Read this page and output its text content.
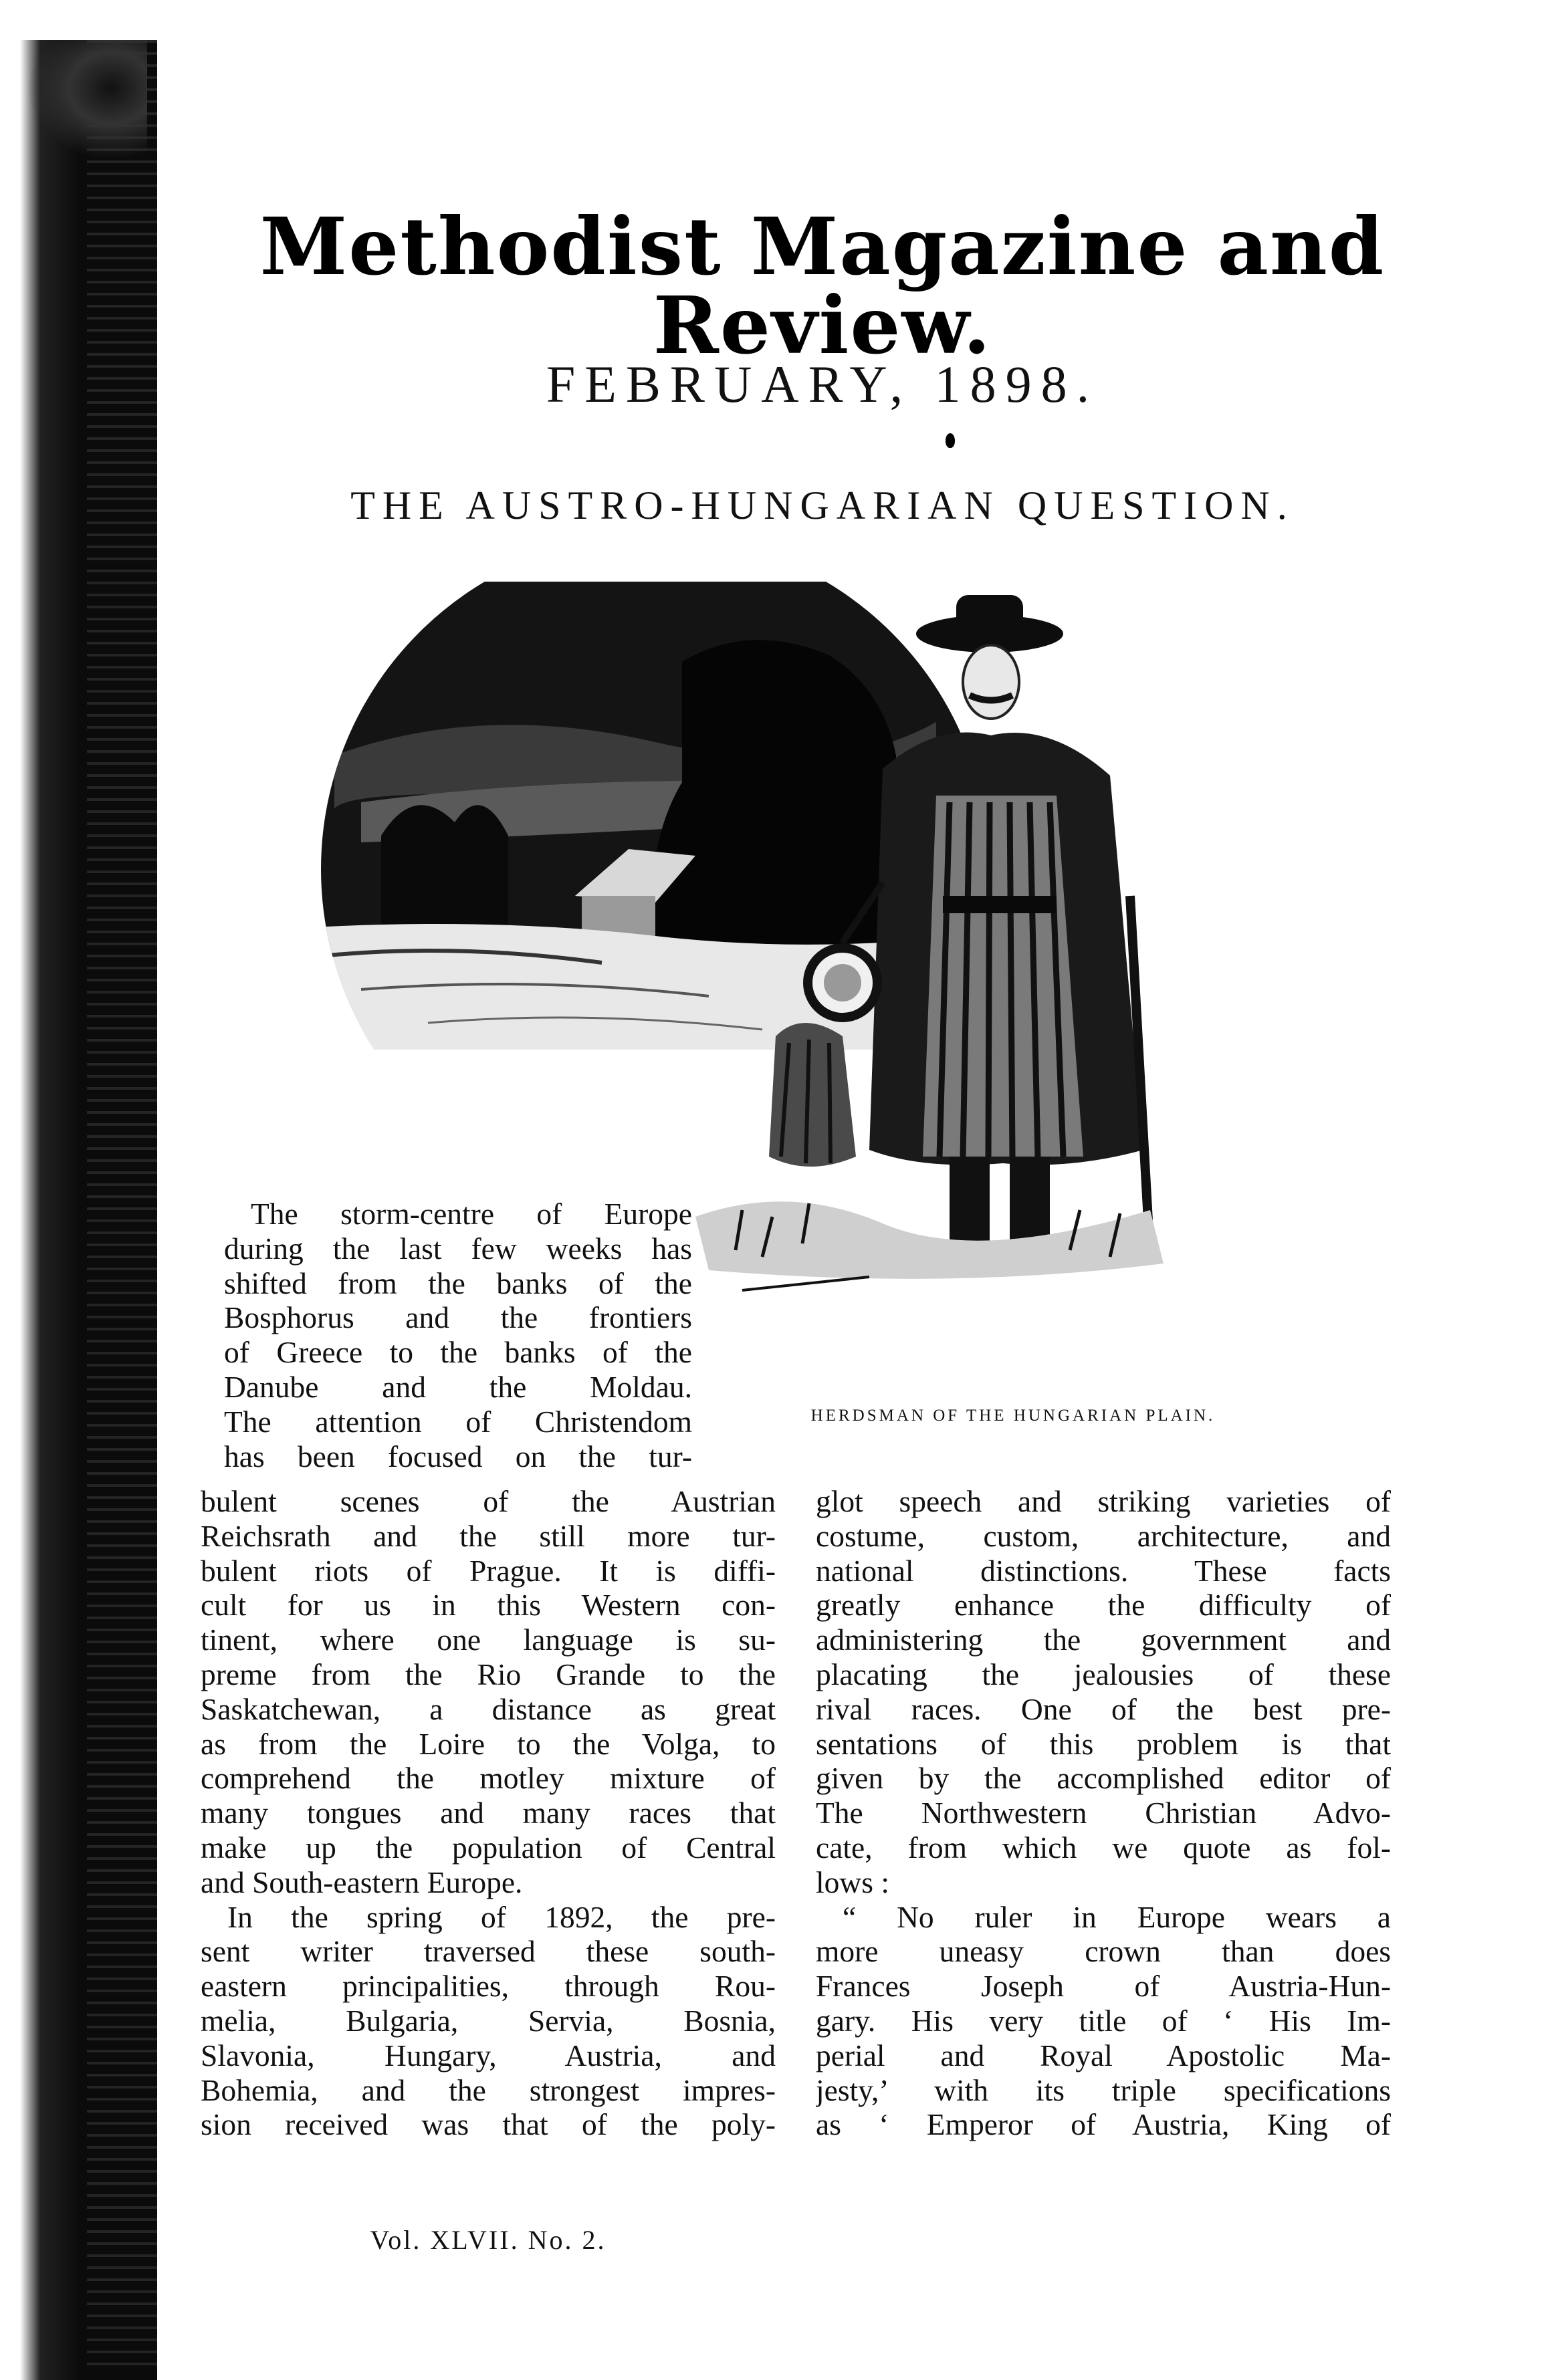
Methodist Magazine and Review.
FEBRUARY, 1898.
THE AUSTRO-HUNGARIAN QUESTION.
HERDSMAN OF THE HUNGARIAN PLAIN.
The storm-centre of Europe
during the last few weeks has
shifted from the banks of the
Bosphorus and the frontiers
of Greece to the banks of the
Danube and the Moldau.
The attention of Christendom
has been focused on the tur-
bulent scenes of the Austrian
Reichsrath and the still more tur-
bulent riots of Prague. It is diffi-
cult for us in this Western con-
tinent, where one language is su-
preme from the Rio Grande to the
Saskatchewan, a distance as great
as from the Loire to the Volga, to
comprehend the motley mixture of
many tongues and many races that
make up the population of Central
and South-eastern Europe.
In the spring of 1892, the pre-
sent writer traversed these south-
eastern principalities, through Rou-
melia, Bulgaria, Servia, Bosnia,
Slavonia, Hungary, Austria, and
Bohemia, and the strongest impres-
sion received was that of the poly-
glot speech and striking varieties of
costume, custom, architecture, and
national distinctions. These facts
greatly enhance the difficulty of
administering the government and
placating the jealousies of these
rival races. One of the best pre-
sentations of this problem is that
given by the accomplished editor of
The Northwestern Christian Advo-
cate, from which we quote as fol-
lows :
“ No ruler in Europe wears a
more uneasy crown than does
Frances Joseph of Austria-Hun-
gary. His very title of ‘ His Im-
perial and Royal Apostolic Ma-
jesty,’ with its triple specifications
as ‘ Emperor of Austria, King of
Vol. XLVII. No. 2.
